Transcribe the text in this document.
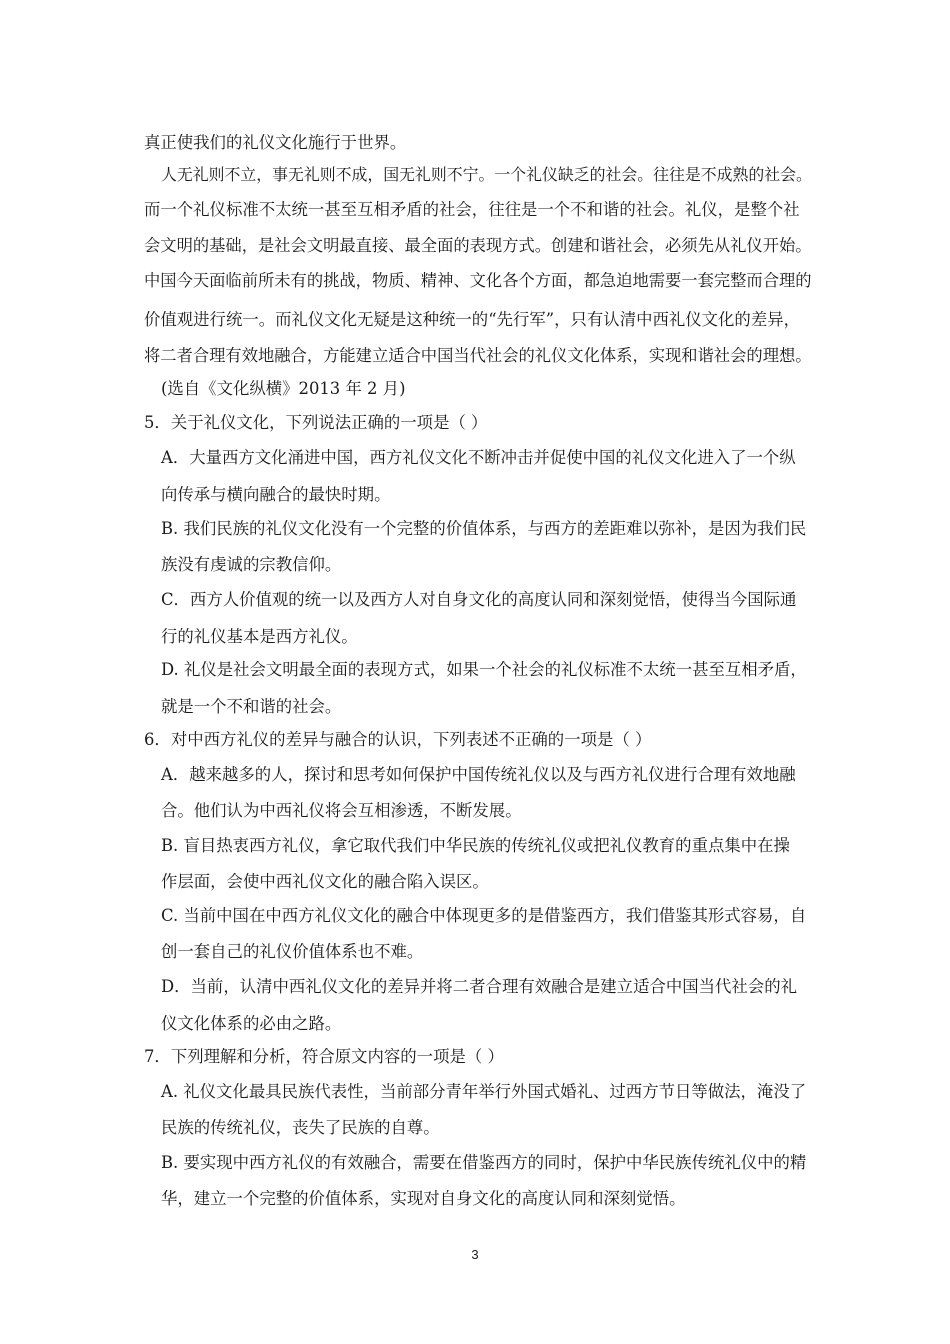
真正使我们的礼仪文化施行于世界。
人无礼则不立，事无礼则不成，国无礼则不宁。一个礼仪缺乏的社会。往往是不成熟的社会。
而一个礼仪标准不太统一甚至互相矛盾的社会，往往是一个不和谐的社会。礼仪，是整个社
会文明的基础，是社会文明最直接、最全面的表现方式。创建和谐社会，必须先从礼仪开始。
中国今天面临前所未有的挑战，物质、精神、文化各个方面，都急迫地需要一套完整而合理的
价值观进行统一。而礼仪文化无疑是这种统一的“先行军”，只有认清中西礼仪文化的差异，
将二者合理有效地融合，方能建立适合中国当代社会的礼仪文化体系，实现和谐社会的理想。
(选自《文化纵横》2013 年 2 月)
5．关于礼仪文化，下列说法正确的一项是（ ）
A．大量西方文化涌进中国，西方礼仪文化不断冲击并促使中国的礼仪文化进入了一个纵
向传承与横向融合的最快时期。
B. 我们民族的礼仪文化没有一个完整的价值体系，与西方的差距难以弥补，是因为我们民
族没有虔诚的宗教信仰。
C．西方人价值观的统一以及西方人对自身文化的高度认同和深刻觉悟，使得当今国际通
行的礼仪基本是西方礼仪。
D. 礼仪是社会文明最全面的表现方式，如果一个社会的礼仪标准不太统一甚至互相矛盾，
就是一个不和谐的社会。
6．对中西方礼仪的差异与融合的认识，下列表述不正确的一项是（ ）
A．越来越多的人，探讨和思考如何保护中国传统礼仪以及与西方礼仪进行合理有效地融
合。他们认为中西礼仪将会互相渗透，不断发展。
B. 盲目热衷西方礼仪，拿它取代我们中华民族的传统礼仪或把礼仪教育的重点集中在操
作层面，会使中西礼仪文化的融合陷入误区。
C. 当前中国在中西方礼仪文化的融合中体现更多的是借鉴西方，我们借鉴其形式容易，自
创一套自己的礼仪价值体系也不难。
D．当前，认清中西礼仪文化的差异并将二者合理有效融合是建立适合中国当代社会的礼
仪文化体系的必由之路。
7．下列理解和分析，符合原文内容的一项是（ ）
A. 礼仪文化最具民族代表性，当前部分青年举行外国式婚礼、过西方节日等做法，淹没了
民族的传统礼仪，丧失了民族的自尊。
B. 要实现中西方礼仪的有效融合，需要在借鉴西方的同时，保护中华民族传统礼仪中的精
华，建立一个完整的价值体系，实现对自身文化的高度认同和深刻觉悟。
3
